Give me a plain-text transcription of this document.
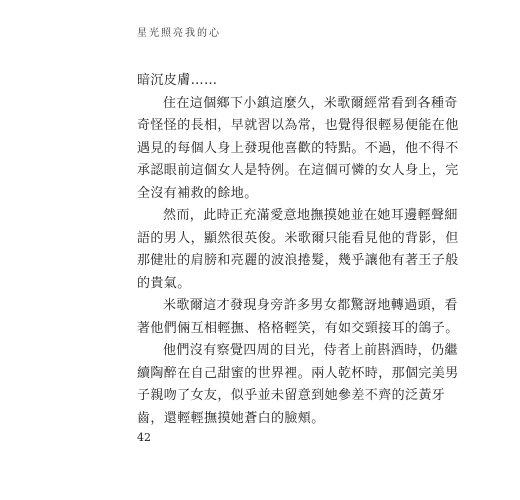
星光照亮我的心
暗沉皮膚……
住在這個鄉下小鎮這麼久，米歌爾經常看到各種奇
奇怪怪的長相，早就習以為常，也覺得很輕易便能在他
遇見的每個人身上發現他喜歡的特點。不過，他不得不
承認眼前這個女人是特例。在這個可憐的女人身上，完
全沒有補救的餘地。
然而，此時正充滿愛意地撫摸她並在她耳邊輕聲細
語的男人，顯然很英俊。米歌爾只能看見他的背影，但
那健壯的肩膀和亮麗的波浪捲髮，幾乎讓他有著王子般
的貴氣。
米歌爾這才發現身旁許多男女都驚訝地轉過頭，看
著他們倆互相輕撫、格格輕笑，有如交頸接耳的鴿子。
他們沒有察覺四周的目光，侍者上前斟酒時，仍繼
續陶醉在自己甜蜜的世界裡。兩人乾杯時，那個完美男
子親吻了女友，似乎並未留意到她參差不齊的泛黃牙
齒，還輕輕撫摸她蒼白的臉頰。
42
